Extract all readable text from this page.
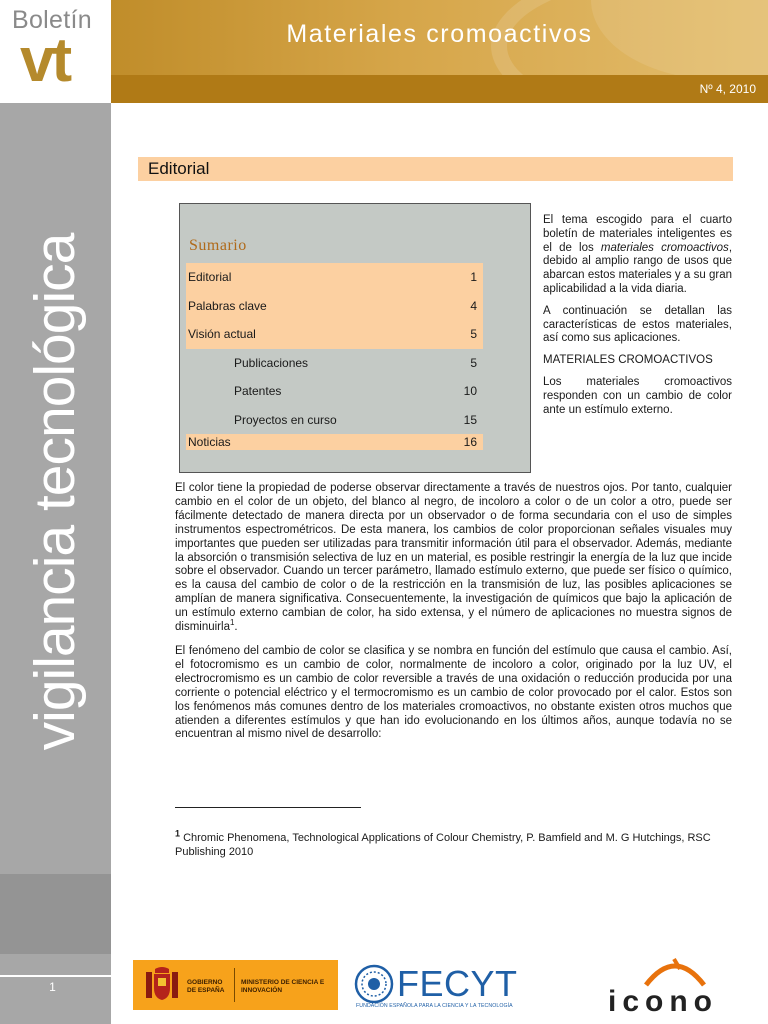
Boletín
vt
vigilancia tecnológica
1
Materiales cromoactivos
Nº 4, 2010
Editorial
Sumario
Editorial	1
Palabras clave	4
Visión actual	5
Publicaciones	5
Patentes	10
Proyectos en curso	15
Noticias	16

El tema escogido para el cuarto boletín de materiales inteligentes es el de los materiales cromoactivos, debido al amplio rango de usos que abarcan estos materiales y a su gran aplicabilidad a la vida diaria.

A continuación se detallan las características de estos materiales, así como sus aplicaciones.

MATERIALES CROMOACTIVOS

Los materiales cromoactivos responden con un cambio de color ante un estímulo externo.

El color tiene la propiedad de poderse observar directamente a través de nuestros ojos. Por tanto, cualquier cambio en el color de un objeto, del blanco al negro, de incoloro a color o de un color a otro, puede ser fácilmente detectado de manera directa por un observador o de forma secundaria con el uso de simples instrumentos espectrométricos. De esta manera, los cambios de color proporcionan señales visuales muy importantes que pueden ser utilizadas para transmitir información útil para el observador. Además, mediante la absorción o transmisión selectiva de luz en un material, es posible restringir la energía de la luz que incide sobre el observador. Cuando un tercer parámetro, llamado estímulo externo, que puede ser físico o químico, es la causa del cambio de color o de la restricción en la transmisión de luz, las posibles aplicaciones se amplían de manera significativa. Consecuentemente, la investigación de químicos que bajo la aplicación de un estímulo externo cambian de color, ha sido extensa, y el número de aplicaciones no muestra signos de disminuirla$^1$.

El fenómeno del cambio de color se clasifica y se nombra en función del estímulo que causa el cambio. Así, el fotocromismo es un cambio de color, normalmente de incoloro a color, originado por la luz UV, el electrocromismo es un cambio de color reversible a través de una oxidación o reducción producida por una corriente o potencial eléctrico y el termocromismo es un cambio de color provocado por el calor. Estos son los fenómenos más comunes dentro de los materiales cromoactivos, no obstante existen otros muchos que atienden a diferentes estímulos y que han ido evolucionando en los últimos años, aunque todavía no se encuentran al mismo nivel de desarrollo:

$^1$ Chromic Phenomena, Technological Applications of Colour Chemistry, P. Bamfield and M. G Hutchings, RSC Publishing 2010
GOBIERNO DE ESPAÑA
MINISTERIO DE CIENCIA E INNOVACIÓN	FECYT
FUNDACIÓN ESPAÑOLA PARA LA CIENCIA Y LA TECNOLOGÍA	icono
